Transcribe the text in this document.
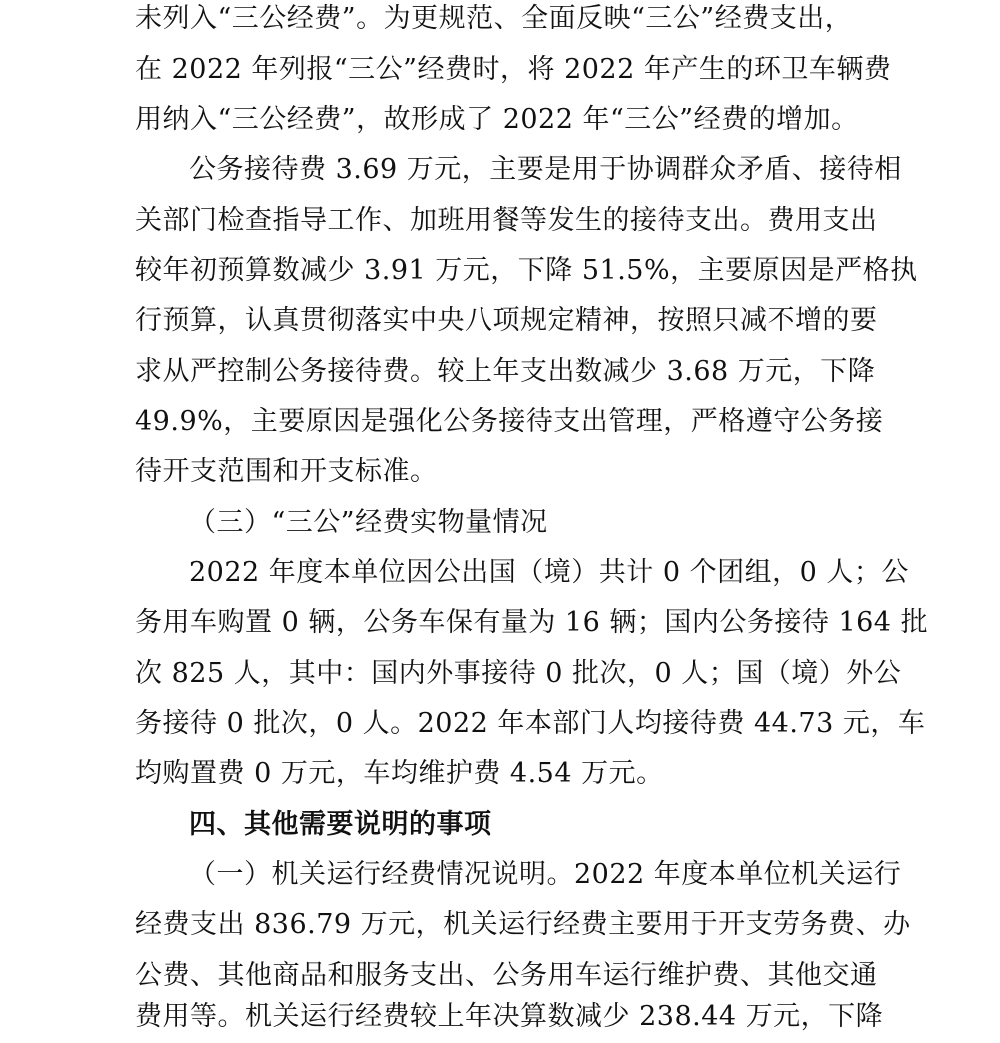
未列入“三公经费”。为更规范、全面反映“三公”经费支出，
在 2022 年列报“三公”经费时，将 2022 年产生的环卫车辆费
用纳入“三公经费”，故形成了 2022 年“三公”经费的增加。
公务接待费 3.69 万元，主要是用于协调群众矛盾、接待相
关部门检查指导工作、加班用餐等发生的接待支出。费用支出
较年初预算数减少 3.91 万元，下降 51.5%，主要原因是严格执
行预算，认真贯彻落实中央八项规定精神，按照只减不增的要
求从严控制公务接待费。较上年支出数减少 3.68 万元，下降
49.9%，主要原因是强化公务接待支出管理，严格遵守公务接
待开支范围和开支标准。
（三）“三公”经费实物量情况
2022 年度本单位因公出国（境）共计 0 个团组，0 人；公
务用车购置 0 辆，公务车保有量为 16 辆；国内公务接待 164 批
次 825 人，其中：国内外事接待 0 批次，0 人；国（境）外公
务接待 0 批次，0 人。2022 年本部门人均接待费 44.73 元，车
均购置费 0 万元，车均维护费 4.54 万元。
四、其他需要说明的事项
（一）机关运行经费情况说明。2022 年度本单位机关运行
经费支出 836.79 万元，机关运行经费主要用于开支劳务费、办
公费、其他商品和服务支出、公务用车运行维护费、其他交通
费用等。机关运行经费较上年决算数减少 238.44 万元，下降
